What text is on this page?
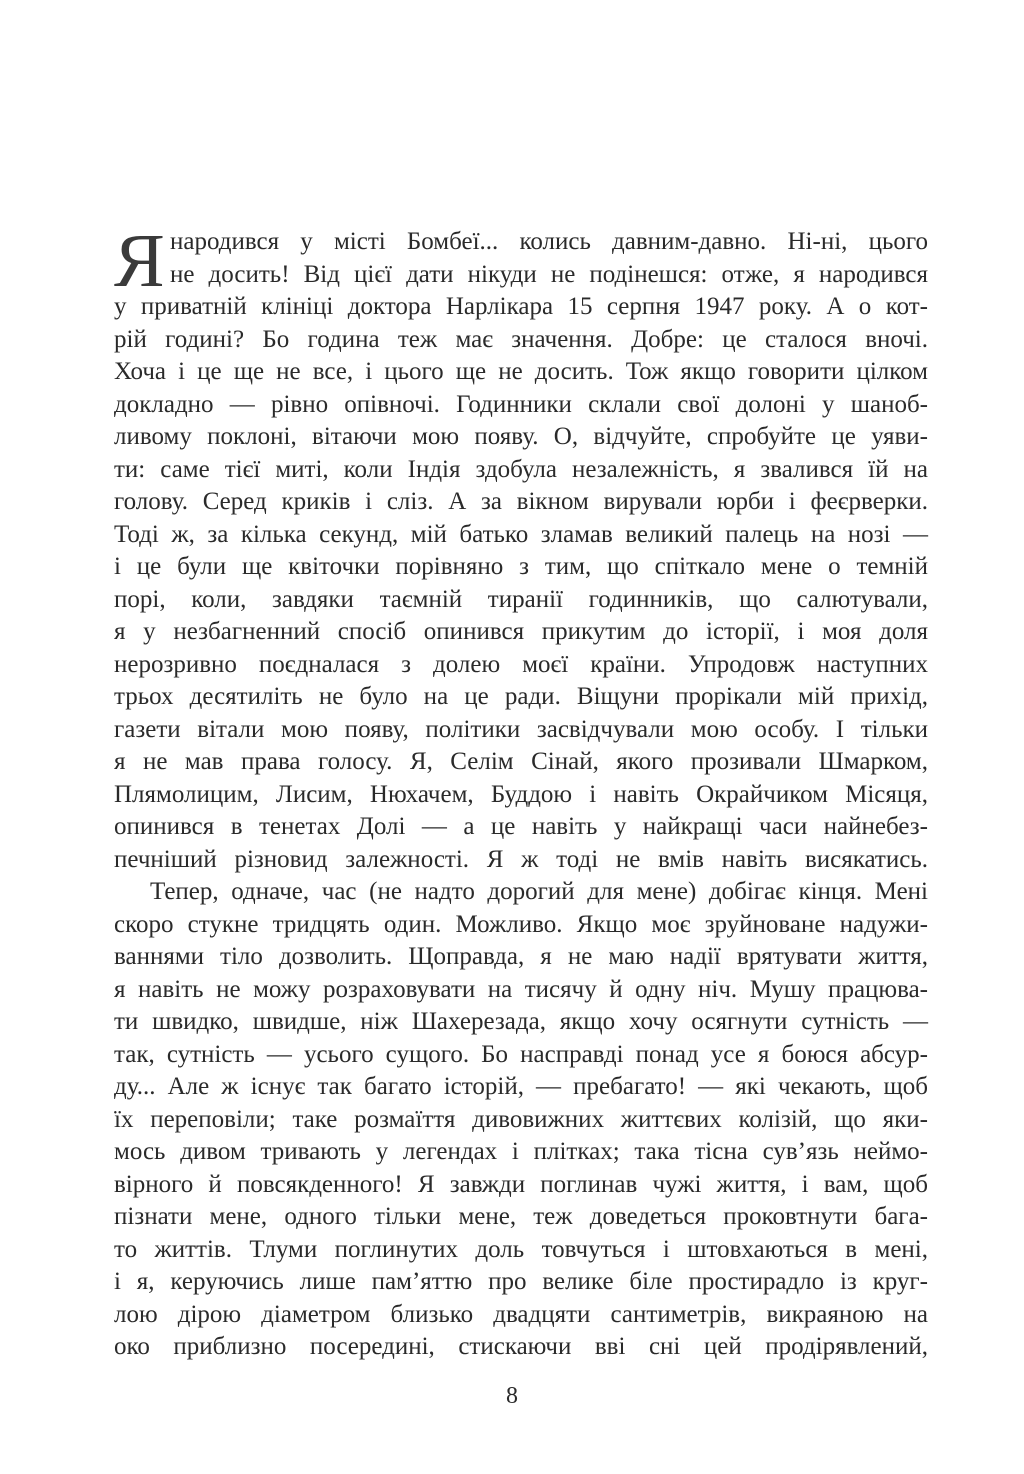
Я народився у місті Бомбеї... колись давним-давно. Ні-ні, цього
не досить! Від цієї дати нікуди не подінешся: отже, я народився
у приватній клініці доктора Нарлікара 15 серпня 1947 року. А о кот-
рій годині? Бо година теж має значення. Добре: це сталося вночі.
Хоча і це ще не все, і цього ще не досить. Тож якщо говорити цілком
докладно — рівно опівночі. Годинники склали свої долоні у шаноб-
ливому поклоні, вітаючи мою появу. О, відчуйте, спробуйте це уяви-
ти: саме тієї миті, коли Індія здобула незалежність, я звалився їй на
голову. Серед криків і сліз. А за вікном вирували юрби і феєрверки.
Тоді ж, за кілька секунд, мій батько зламав великий палець на нозі —
і це були ще квіточки порівняно з тим, що спіткало мене о темній
порі, коли, завдяки таємній тиранії годинників, що салютували,
я у незбагненний спосіб опинився прикутим до історії, і моя доля
нерозривно поєдналася з долею моєї країни. Упродовж наступних
трьох десятиліть не було на це ради. Віщуни прорікали мій прихід,
газети вітали мою появу, політики засвідчували мою особу. І тільки
я не мав права голосу. Я, Селім Сінай, якого прозивали Шмарком,
Плямолицим, Лисим, Нюхачем, Буддою і навіть Окрайчиком Місяця,
опинився в тенетах Долі — а це навіть у найкращі часи найнебез-
печніший різновид залежності. Я ж тоді не вмів навіть висякатись.
Тепер, одначе, час (не надто дорогий для мене) добігає кінця. Мені
скоро стукне тридцять один. Можливо. Якщо моє зруйноване надужи-
ваннями тіло дозволить. Щоправда, я не маю надії врятувати життя,
я навіть не можу розраховувати на тисячу й одну ніч. Мушу працюва-
ти швидко, швидше, ніж Шахерезада, якщо хочу осягнути сутність —
так, сутність — усього сущого. Бо насправді понад усе я боюся абсур-
ду... Але ж існує так багато історій, — пребагато! — які чекають, щоб
їх переповіли; таке розмаїття дивовижних життєвих колізій, що яки-
мось дивом тривають у легендах і плітках; така тісна сув’язь неймо-
вірного й повсякденного! Я завжди поглинав чужі життя, і вам, щоб
пізнати мене, одного тільки мене, теж доведеться проковтнути бага-
то життів. Тлуми поглинутих доль товчуться і штовхаються в мені,
і я, керуючись лише пам’яттю про велике біле простирадло із круг-
лою дірою діаметром близько двадцяти сантиметрів, викраяною на
око приблизно посередині, стискаючи вві сні цей продірявлений,
8
